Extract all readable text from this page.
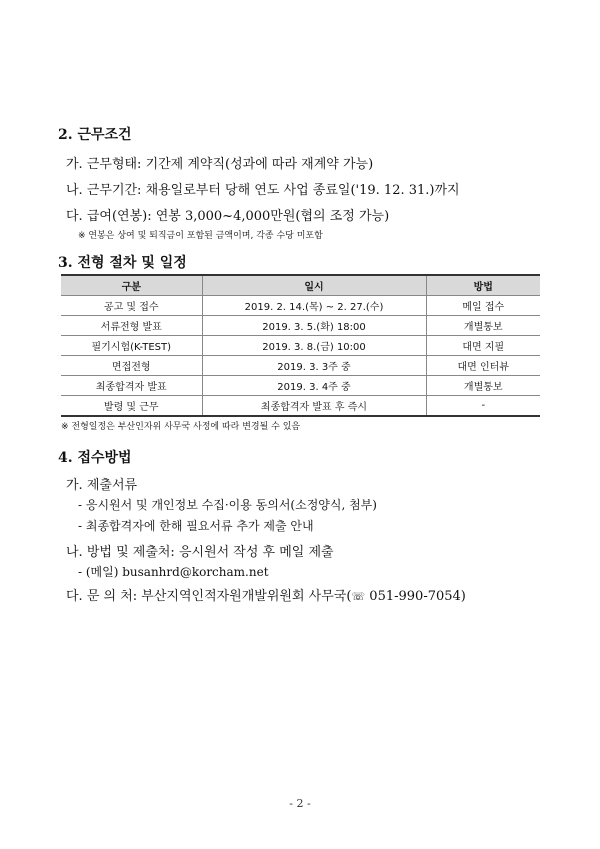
2. 근무조건
가. 근무형태: 기간제 계약직(성과에 따라 재계약 가능)
나. 근무기간: 채용일로부터 당해 연도 사업 종료일('19. 12. 31.)까지
다. 급여(연봉): 연봉 3,000~4,000만원(협의 조정 가능)
※ 연봉은 상여 및 퇴직금이 포함된 금액이며, 각종 수당 미포함
3. 전형 절차 및 일정
구분	일시	방법
공고 및 접수	2019. 2. 14.(목) ~ 2. 27.(수)	메일 접수
서류전형 발표	2019. 3. 5.(화) 18:00	개별통보
필기시험(K-TEST)	2019. 3. 8.(금) 10:00	대면 지필
면접전형	2019. 3. 3주 중	대면 인터뷰
최종합격자 발표	2019. 3. 4주 중	개별통보
발령 및 근무	최종합격자 발표 후 즉시	-
※ 전형일정은 부산인자위 사무국 사정에 따라 변경될 수 있음
4. 접수방법
가. 제출서류
- 응시원서 및 개인정보 수집·이용 동의서(소정양식, 첨부)
- 최종합격자에 한해 필요서류 추가 제출 안내
나. 방법 및 제출처: 응시원서 작성 후 메일 제출
- (메일) busanhrd@korcham.net
다. 문 의 처: 부산지역인적자원개발위원회 사무국(☏ 051-990-7054)
- 2 -
